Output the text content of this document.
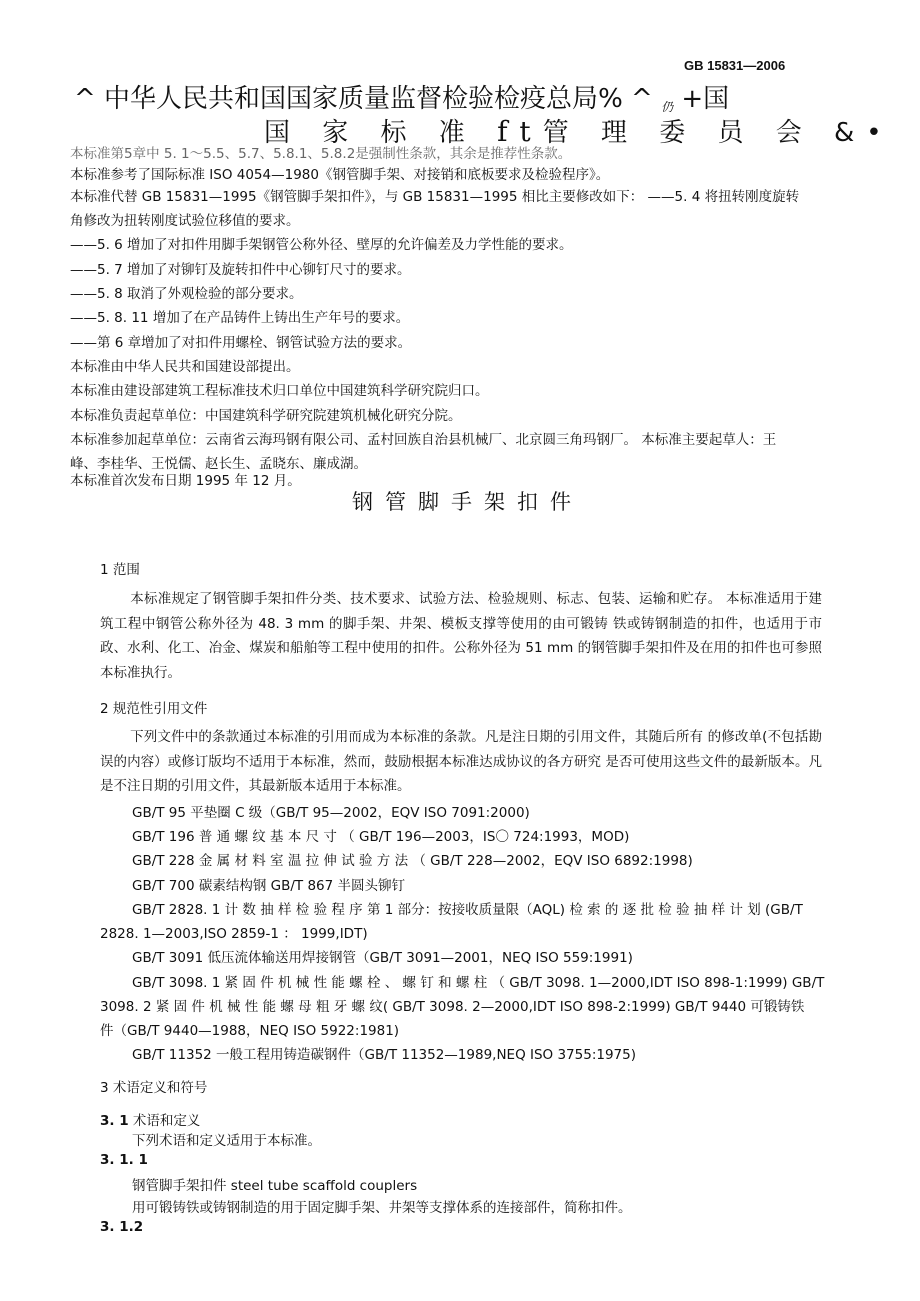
GB 15831—2006
^ 中华人民共和国国家质量监督检验检疫总局% ^ 仍 +国
国 家 标 准 ft管 理 委 员 会 &•
本标准第5章中 5. 1～5.5、5.7、5.8.1、5.8.2是强制性条款，其余是推荐性条款。
本标准参考了国际标准 ISO 4054—1980《钢管脚手架、对接销和底板要求及检验程序》。
本标准代替 GB 15831—1995《钢管脚手架扣件》，与 GB 15831—1995 相比主要修改如下： ——5. 4 将扭转刚度旋转
角修改为扭转刚度试验位移值的要求。
——5. 6 增加了对扣件用脚手架钢管公称外径、壁厚的允许偏差及力学性能的要求。
——5. 7 增加了对铆钉及旋转扣件中心铆钉尺寸的要求。
——5. 8 取消了外观检验的部分要求。
——5. 8. 11 增加了在产品铸件上铸出生产年号的要求。
——第 6 章增加了对扣件用螺栓、钢管试验方法的要求。
本标准由中华人民共和国建设部提出。
本标准由建设部建筑工程标准技术归口单位中国建筑科学研究院归口。
本标准负责起草单位：中国建筑科学研究院建筑机械化研究分院。
本标准参加起草单位：云南省云海玛钢有限公司、孟村回族自治县机械厂、北京圆三角玛钢厂。 本标准主要起草人：王
峰、李桂华、王悦儒、赵长生、孟晓东、廉成湖。
本标准首次发布日期 1995 年 12 月。
钢管脚手架扣件
1 范围
本标准规定了钢管脚手架扣件分类、技术要求、试验方法、检验规则、标志、包装、运输和贮存。 本标准适用于建筑工程中钢管公称外径为 48. 3 mm 的脚手架、井架、模板支撑等使用的由可锻铸 铁或铸钢制造的扣件，也适用于市政、水利、化工、冶金、煤炭和船舶等工程中使用的扣件。公称外径为 51 mm 的钢管脚手架扣件及在用的扣件也可参照本标准执行。
2 规范性引用文件
下列文件中的条款通过本标准的引用而成为本标准的条款。凡是注日期的引用文件，其随后所有 的修改单(不包括勘误的内容）或修订版均不适用于本标准，然而，鼓励根据本标准达成协议的各方研究 是否可使用这些文件的最新版本。凡是不注日期的引用文件，其最新版本适用于本标准。
GB/T 95 平垫圈 C 级（GB/T 95—2002，EQV ISO 7091:2000)
GB/T 196 普 通 螺 纹 基 本 尺 寸 （ GB/T 196—2003，IS〇 724:1993，MOD)
GB/T 228 金 属 材 料 室 温 拉 伸 试 验 方 法 （ GB/T 228—2002，EQV ISO 6892:1998)
GB/T 700 碳素结构钢 GB/T 867 半圆头铆钉
GB/T 2828. 1 计 数 抽 样 检 验 程 序 第 1 部分：按接收质量限（AQL) 检 索 的 逐 批 检 验 抽 样 计 划 (GB/T
2828. 1—2003,ISO 2859-1 ： 1999,IDT)
GB/T 3091 低压流体输送用焊接钢管（GB/T 3091—2001，NEQ ISO 559:1991)
GB/T 3098. 1 紧 固 件 机 械 性 能 螺 栓 、 螺 钉 和 螺 柱 （ GB/T 3098. 1—2000,IDT ISO 898-1:1999) GB/T
3098. 2 紧 固 件 机 械 性 能 螺 母 粗 牙 螺 纹( GB/T 3098. 2—2000,IDT ISO 898-2:1999) GB/T 9440 可锻铸铁
件（GB/T 9440—1988，NEQ ISO 5922:1981)
GB/T 11352 一般工程用铸造碳钢件（GB/T 11352—1989,NEQ ISO 3755:1975)
3 术语定义和符号
3. 1 术语和定义
下列术语和定义适用于本标准。
3. 1. 1
钢管脚手架扣件 steel tube scaffold couplers
用可锻铸铁或铸钢制造的用于固定脚手架、井架等支撑体系的连接部件，简称扣件。
3. 1.2
